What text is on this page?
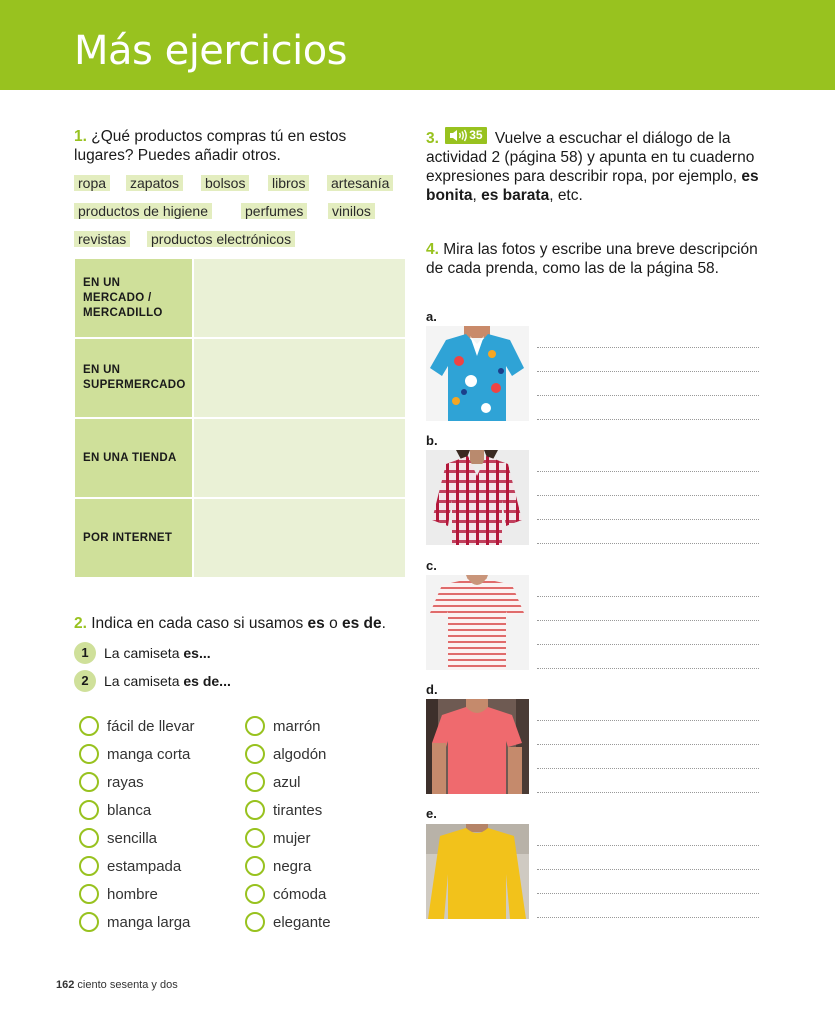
Más ejercicios
1. ¿Qué productos compras tú en estos lugares? Puedes añadir otros.
ropa zapatos bolsos libros artesanía
productos de higiene	perfumes vinilos
revistas productos electrónicos
EN UN MERCADO / MERCADILLO
EN UN SUPERMERCADO
EN UNA TIENDA
POR INTERNET
2. Indica en cada caso si usamos es o es de.
1	La camiseta
es...
2	La camiseta
es de...
fácil de llevar
manga corta
rayas
blanca
sencilla
estampada
hombre
manga larga
marrón
algodón
azul
tirantes
mujer
negra
cómoda
elegante
3.	35 Vuelve a escuchar el diálogo de la actividad 2 (página 58) y apunta en tu cuaderno expresiones para describir ropa, por ejemplo, es bonita, es barata, etc.
4. Mira las fotos y escribe una breve descripción de cada prenda, como las de la página 58.
a.
b.
c.
d.
e.
162 ciento sesenta y dos
